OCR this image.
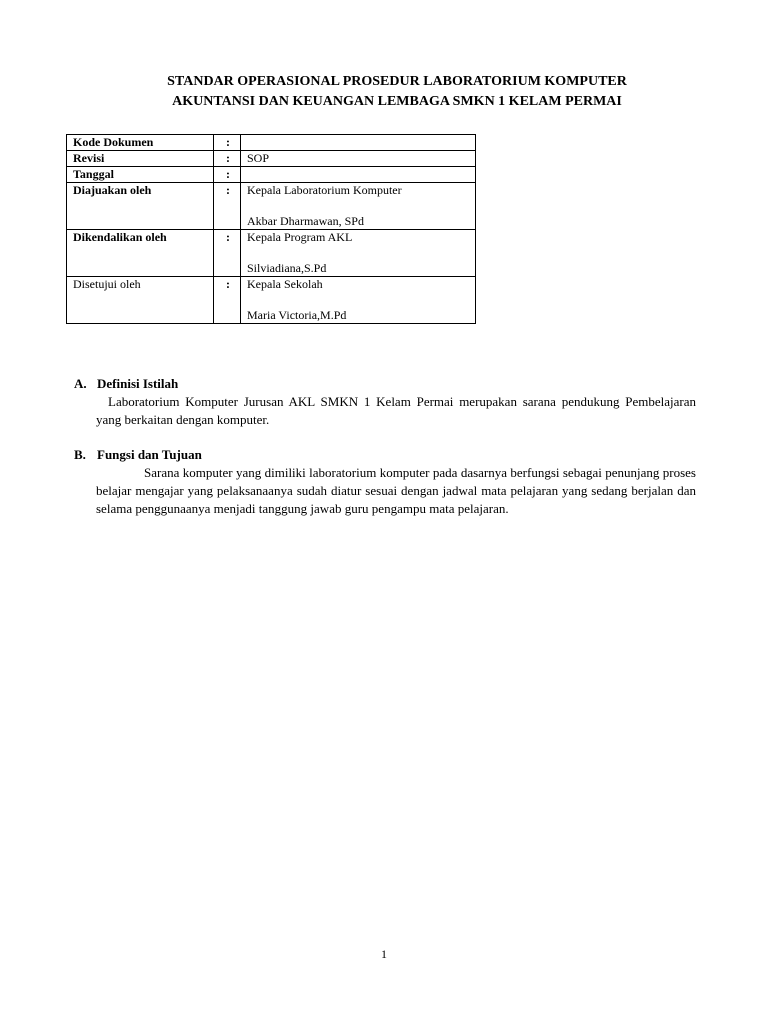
STANDAR OPERASIONAL PROSEDUR LABORATORIUM KOMPUTER
AKUNTANSI DAN KEUANGAN LEMBAGA SMKN 1 KELAM PERMAI
Kode Dokumen	:	
Revisi	:	SOP
Tanggal	:	
Diajuakan oleh	:	Kepala Laboratorium Komputer
Akbar Dharmawan, SPd

Dikendalikan oleh	:	Kepala Program AKL
Silviadiana,S.Pd

Disetujui oleh	:	Kepala Sekolah
Maria Victoria,M.Pd
A. Definisi Istilah
Laboratorium Komputer Jurusan AKL SMKN 1 Kelam Permai merupakan sarana pendukung Pembelajaran yang berkaitan dengan komputer.
B. Fungsi dan Tujuan
Sarana komputer yang dimiliki laboratorium komputer pada dasarnya berfungsi sebagai penunjang proses belajar mengajar yang pelaksanaanya sudah diatur sesuai dengan jadwal mata pelajaran yang sedang berjalan dan selama penggunaanya menjadi tanggung jawab guru pengampu mata pelajaran.
1
